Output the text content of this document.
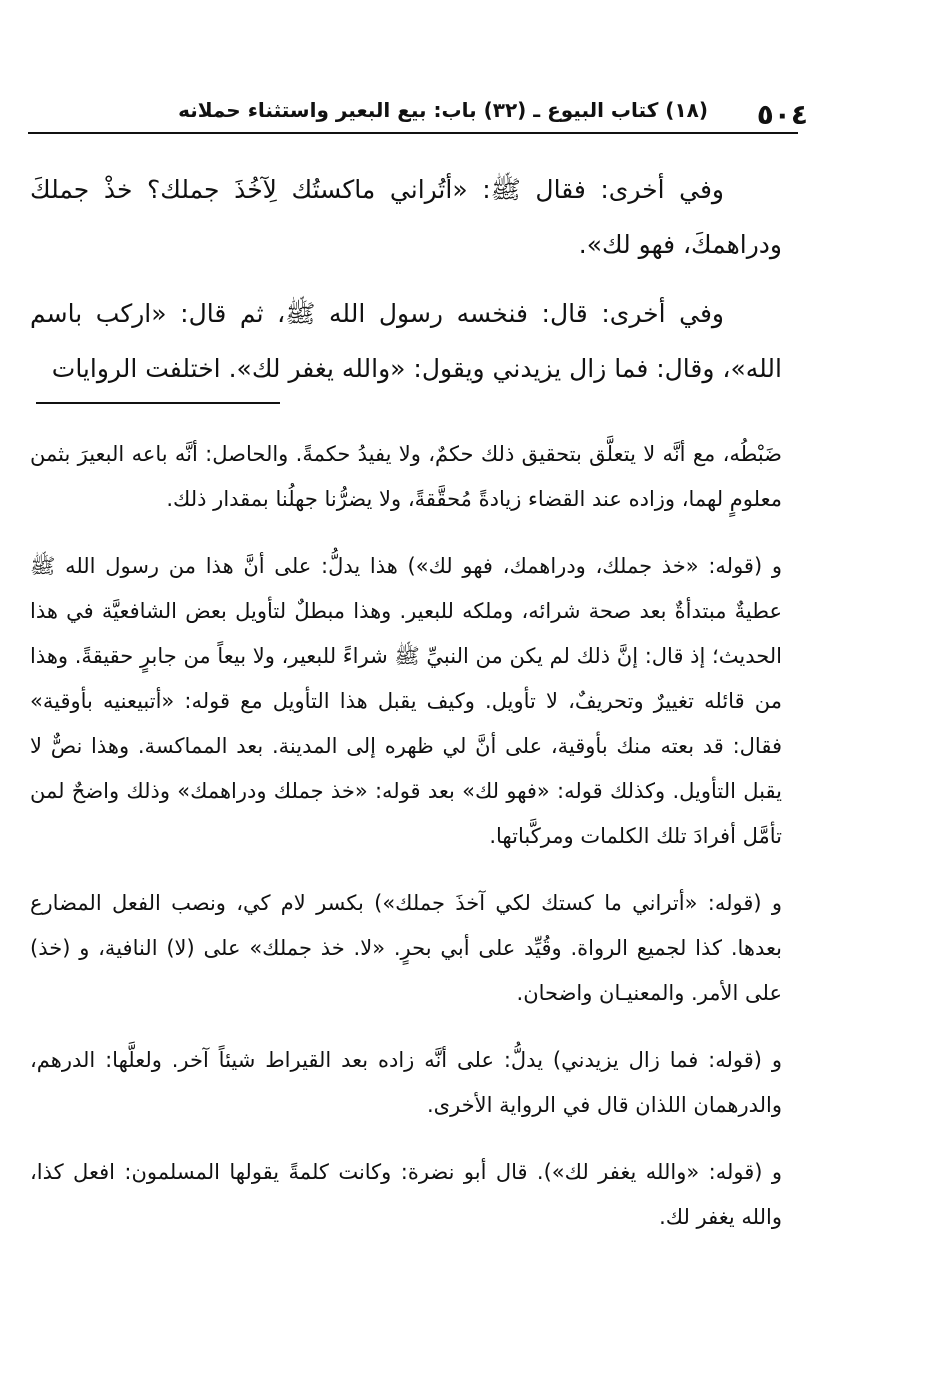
٥٠٤
(١٨) كتاب البيوع ـ (٣٢) باب: بيع البعير واستثناء حملانه

وفي أخرى: فقال ﷺ: «أتُراني ماكستُك لِآخُذَ جملك؟ خذْ جملكَ ودراهمكَ، فهو لك».

وفي أخرى: قال: فنخسه رسول الله ﷺ، ثم قال: «اركب باسم الله»، وقال: فما زال يزيدني ويقول: «والله يغفر لك». اختلفت الروايات

ضَبْطُه، مع أنَّه لا يتعلَّق بتحقيق ذلك حكمٌ، ولا يفيدُ حكمةً. والحاصل: أنَّه باعه البعيرَ بثمن معلومٍ لهما، وزاده عند القضاء زيادةً مُحقَّقةً، ولا يضرُّنا جهلُنا بمقدار ذلك.

و (قوله: «خذ جملك، ودراهمك، فهو لك») هذا يدلُّ: على أنَّ هذا من رسول الله ﷺ عطيةٌ مبتدأةٌ بعد صحة شرائه، وملكه للبعير. وهذا مبطلٌ لتأويل بعض الشافعيَّة في هذا الحديث؛ إذ قال: إنَّ ذلك لم يكن من النبيِّ ﷺ شراءً للبعير، ولا بيعاً من جابرٍ حقيقةً. وهذا من قائله تغييرٌ وتحريفٌ، لا تأويل. وكيف يقبل هذا التأويل مع قوله: «أتبيعنيه بأوقية» فقال: قد بعته منك بأوقية، على أنَّ لي ظهره إلى المدينة. بعد المماكسة. وهذا نصٌّ لا يقبل التأويل. وكذلك قوله: «فهو لك» بعد قوله: «خذ جملك ودراهمك» وذلك واضحٌ لمن تأمَّل أفرادَ تلك الكلمات ومركَّباتها.

و (قوله: «أتراني ما كستك لكي آخذَ جملك») بكسر لام كي، ونصب الفعل المضارع بعدها. كذا لجميع الرواة. وقُيِّد على أبي بحرٍ. «لا. خذ جملك» على (لا) النافية، و (خذ) على الأمر. والمعنيـان واضحان.

و (قوله: فما زال يزيدني) يدلُّ: على أنَّه زاده بعد القيراط شيئاً آخر. ولعلَّها: الدرهم، والدرهمان اللذان قال في الرواية الأخرى.

و (قوله: «والله يغفر لك»). قال أبو نضرة: وكانت كلمةً يقولها المسلمون: افعل كذا، والله يغفر لك.
